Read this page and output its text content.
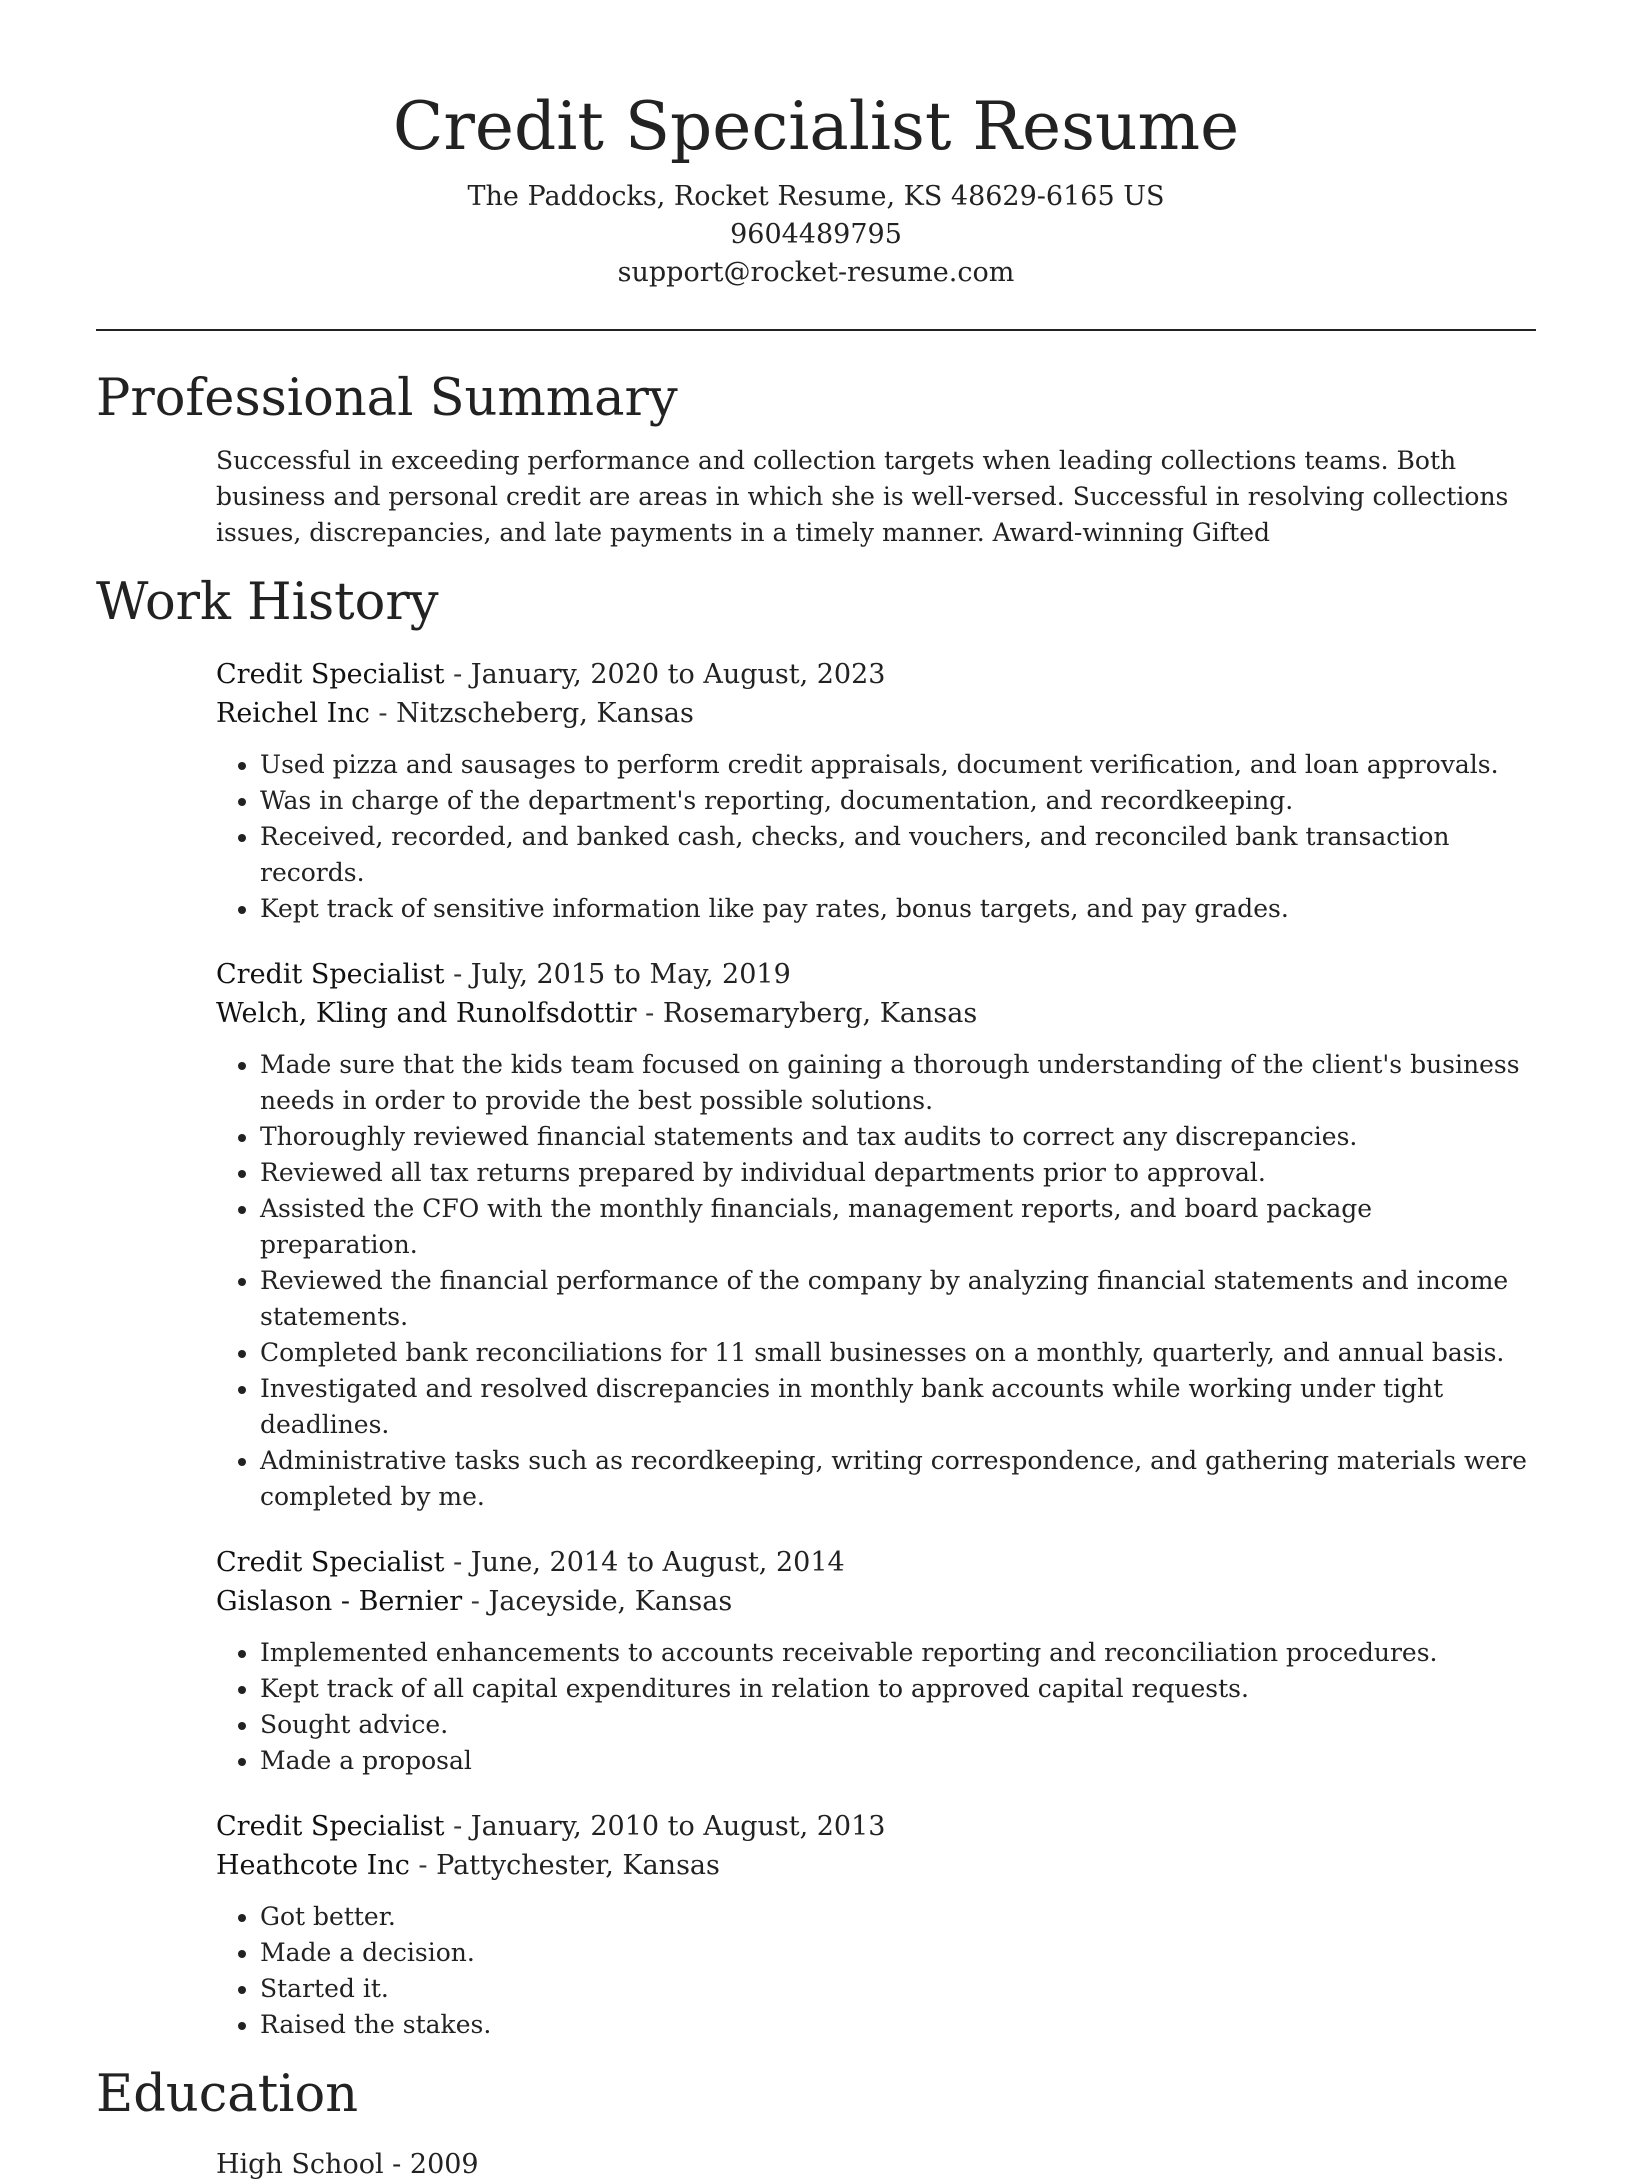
Credit Specialist Resume
The Paddocks, Rocket Resume, KS 48629-6165 US
9604489795
support@rocket-resume.com
Professional Summary
Successful in exceeding performance and collection targets when leading collections teams. Both business and personal credit are areas in which she is well-versed. Successful in resolving collections issues, discrepancies, and late payments in a timely manner. Award-winning Gifted
Work History
Credit Specialist - January, 2020 to August, 2023
Reichel Inc - Nitzscheberg, Kansas
• Used pizza and sausages to perform credit appraisals, document verification, and loan approvals.
• Was in charge of the department's reporting, documentation, and recordkeeping.
• Received, recorded, and banked cash, checks, and vouchers, and reconciled bank transaction records.
• Kept track of sensitive information like pay rates, bonus targets, and pay grades.
Credit Specialist - July, 2015 to May, 2019
Welch, Kling and Runolfsdottir - Rosemaryberg, Kansas
• Made sure that the kids team focused on gaining a thorough understanding of the client's business needs in order to provide the best possible solutions.
• Thoroughly reviewed financial statements and tax audits to correct any discrepancies.
• Reviewed all tax returns prepared by individual departments prior to approval.
• Assisted the CFO with the monthly financials, management reports, and board package preparation.
• Reviewed the financial performance of the company by analyzing financial statements and income statements.
• Completed bank reconciliations for 11 small businesses on a monthly, quarterly, and annual basis.
• Investigated and resolved discrepancies in monthly bank accounts while working under tight deadlines.
• Administrative tasks such as recordkeeping, writing correspondence, and gathering materials were completed by me.
Credit Specialist - June, 2014 to August, 2014
Gislason - Bernier - Jaceyside, Kansas
• Implemented enhancements to accounts receivable reporting and reconciliation procedures.
• Kept track of all capital expenditures in relation to approved capital requests.
• Sought advice.
• Made a proposal
Credit Specialist - January, 2010 to August, 2013
Heathcote Inc - Pattychester, Kansas
• Got better.
• Made a decision.
• Started it.
• Raised the stakes.
Education
High School - 2009
